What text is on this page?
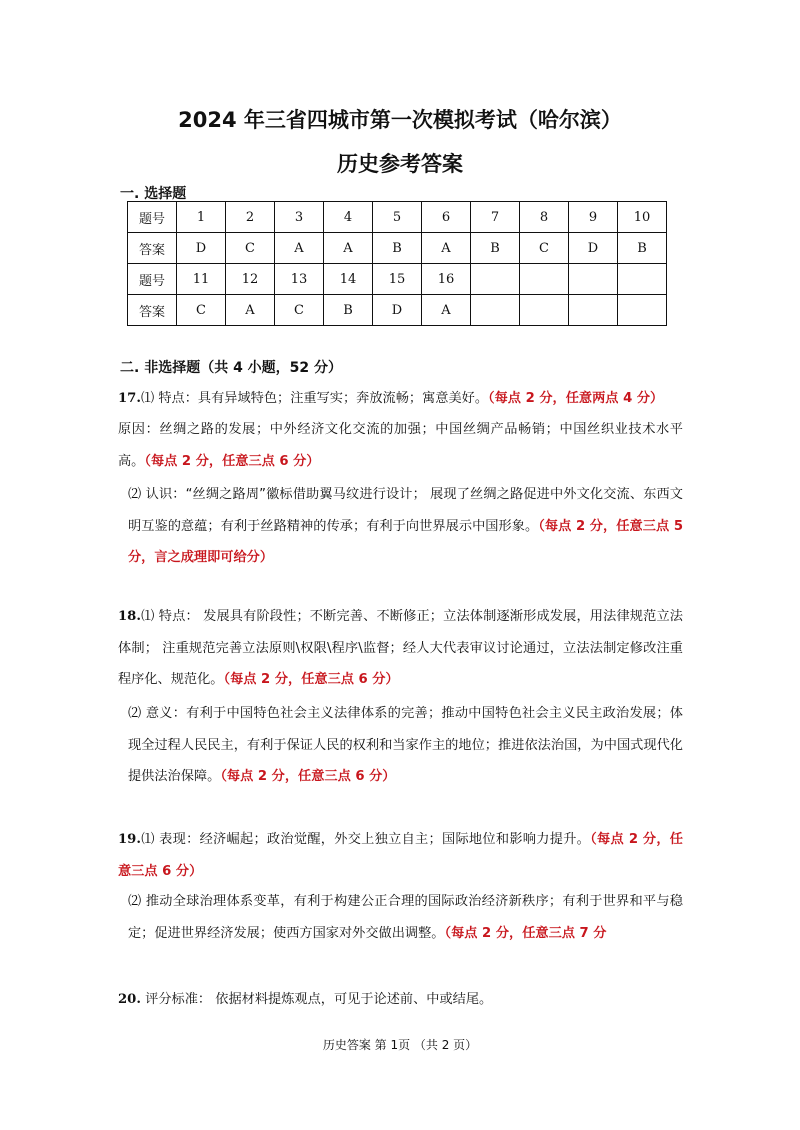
2024 年三省四城市第一次模拟考试（哈尔滨）
历史参考答案
一. 选择题
题号	1	2	3	4	5	6	7	8	9	10
答案	D	C	A	A	B	A	B	C	D	B
题号	11	12	13	14	15	16				
答案	C	A	C	B	D	A				
二. 非选择题（共 4 小题，52 分）
17.⑴ 特点：具有异域特色；注重写实；奔放流畅；寓意美好。（每点 2 分，任意两点 4 分）
原因：丝绸之路的发展；中外经济文化交流的加强；中国丝绸产品畅销；中国丝织业技术水平高。（每点 2 分，任意三点 6 分）
⑵ 认识：“丝绸之路周”徽标借助翼马纹进行设计； 展现了丝绸之路促进中外文化交流、东西文明互鉴的意蕴；有利于丝路精神的传承；有利于向世界展示中国形象。（每点 2 分，任意三点 5 分，言之成理即可给分）
18.⑴ 特点： 发展具有阶段性；不断完善、不断修正；立法体制逐渐形成发展，用法律规范立法体制； 注重规范完善立法原则\权限\程序\监督；经人大代表审议讨论通过，立法法制定修改注重程序化、规范化。（每点 2 分，任意三点 6 分）
⑵ 意义：有利于中国特色社会主义法律体系的完善；推动中国特色社会主义民主政治发展；体现全过程人民民主，有利于保证人民的权利和当家作主的地位；推进依法治国，为中国式现代化提供法治保障。（每点 2 分，任意三点 6 分）
19.⑴ 表现：经济崛起；政治觉醒，外交上独立自主；国际地位和影响力提升。（每点 2 分，任意三点 6 分）
⑵ 推动全球治理体系变革，有利于构建公正合理的国际政治经济新秩序；有利于世界和平与稳定；促进世界经济发展；使西方国家对外交做出调整。（每点 2 分，任意三点 7 分
20. 评分标准： 依据材料提炼观点，可见于论述前、中或结尾。
历史答案 第 1页 （共 2 页）
